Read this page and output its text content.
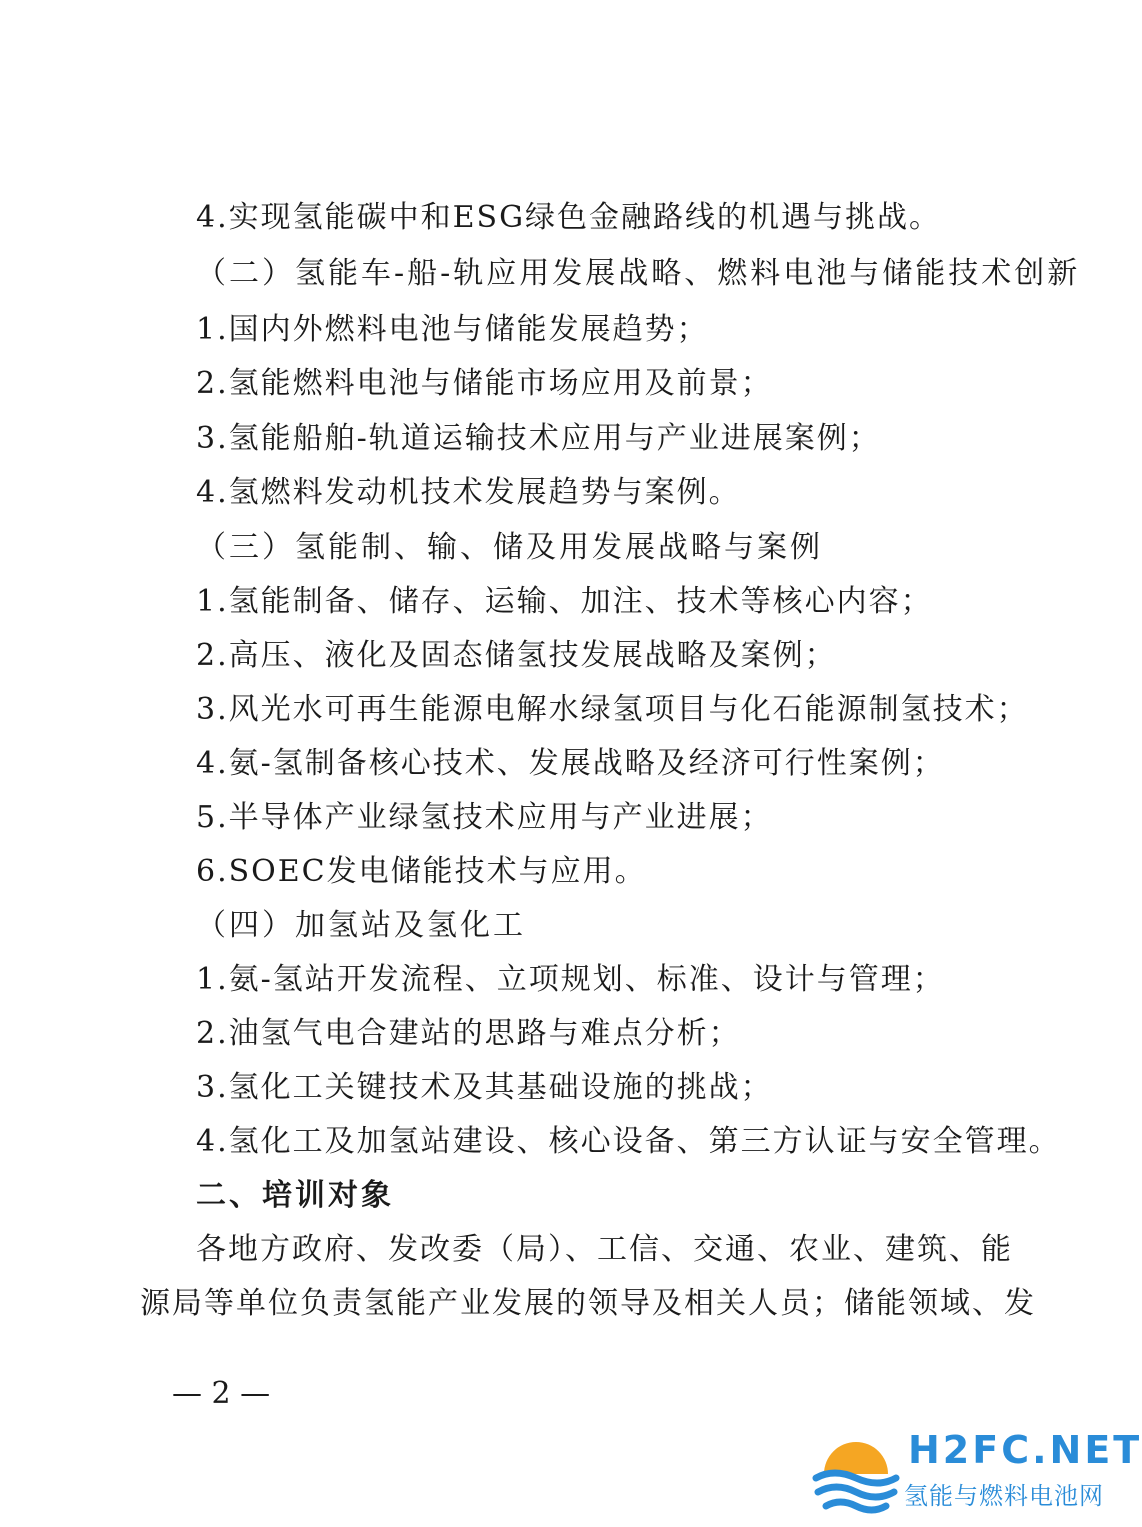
4.实现氢能碳中和ESG绿色金融路线的机遇与挑战。
（二）氢能车-船-轨应用发展战略、燃料电池与储能技术创新
1.国内外燃料电池与储能发展趋势；
2.氢能燃料电池与储能市场应用及前景；
3.氢能船舶-轨道运输技术应用与产业进展案例；
4.氢燃料发动机技术发展趋势与案例。
（三）氢能制、输、储及用发展战略与案例
1.氢能制备、储存、运输、加注、技术等核心内容；
2.高压、液化及固态储氢技发展战略及案例；
3.风光水可再生能源电解水绿氢项目与化石能源制氢技术；
4.氨-氢制备核心技术、发展战略及经济可行性案例；
5.半导体产业绿氢技术应用与产业进展；
6.SOEC发电储能技术与应用。
（四）加氢站及氢化工
1.氨-氢站开发流程、立项规划、标准、设计与管理；
2.油氢气电合建站的思路与难点分析；
3.氢化工关键技术及其基础设施的挑战；
4.氢化工及加氢站建设、核心设备、第三方认证与安全管理。
二、培训对象
各地方政府、发改委（局）、工信、交通、农业、建筑、能
源局等单位负责氢能产业发展的领导及相关人员；储能领域、发
— 2 —
H2FC.NET
氢能与燃料电池网
